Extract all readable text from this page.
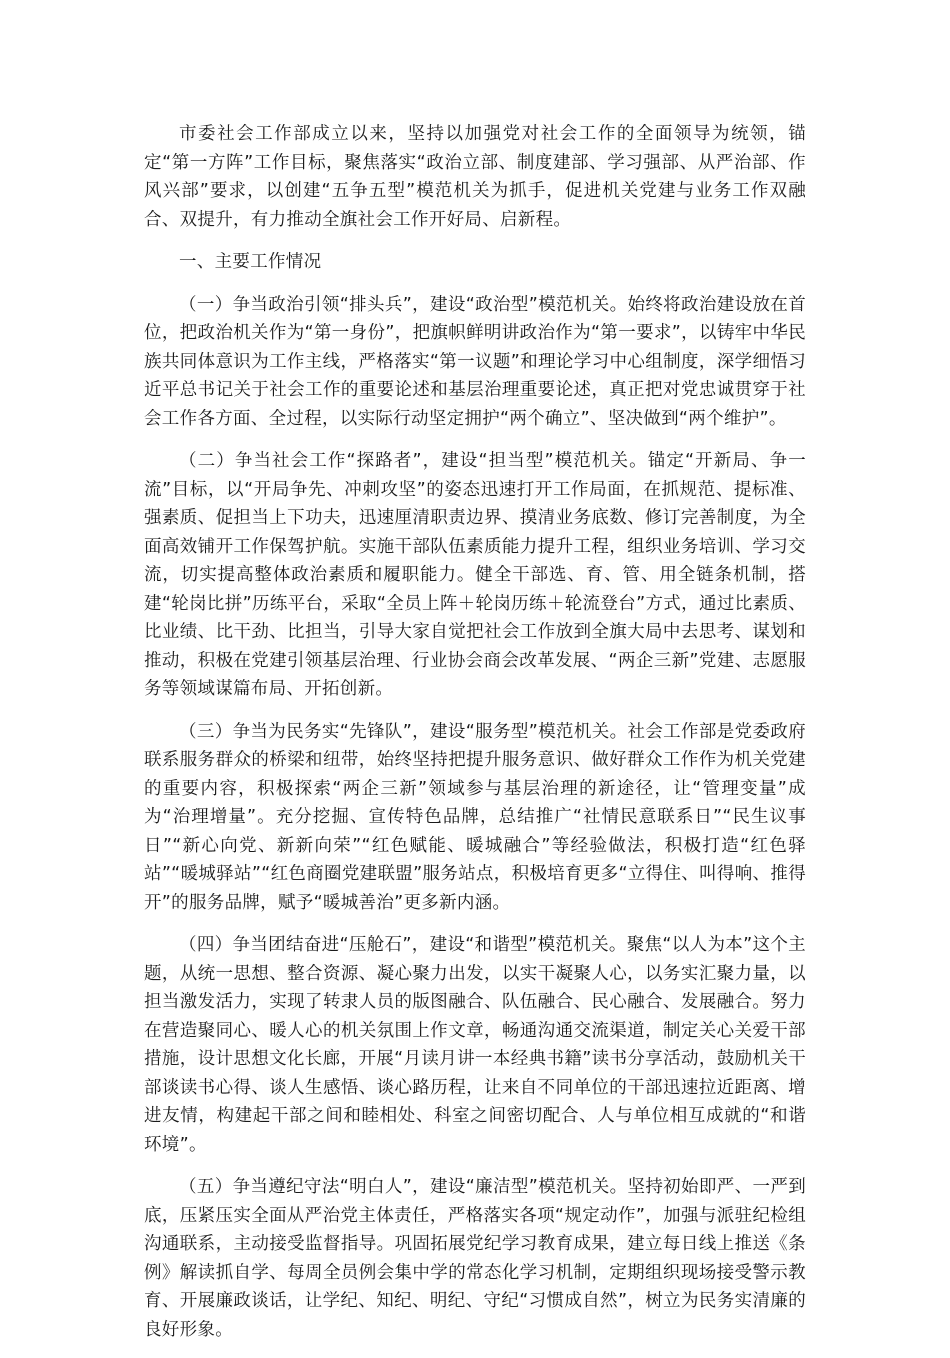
市委社会工作部成立以来，坚持以加强党对社会工作的全面领导为统领，锚定“第一方阵”工作目标，聚焦落实“政治立部、制度建部、学习强部、从严治部、作风兴部”要求，以创建“五争五型”模范机关为抓手，促进机关党建与业务工作双融合、双提升，有力推动全旗社会工作开好局、启新程。

一、主要工作情况

（一）争当政治引领“排头兵”，建设“政治型”模范机关。始终将政治建设放在首位，把政治机关作为“第一身份”，把旗帜鲜明讲政治作为“第一要求”，以铸牢中华民族共同体意识为工作主线，严格落实“第一议题”和理论学习中心组制度，深学细悟习近平总书记关于社会工作的重要论述和基层治理重要论述，真正把对党忠诚贯穿于社会工作各方面、全过程，以实际行动坚定拥护“两个确立”、坚决做到“两个维护”。

（二）争当社会工作“探路者”，建设“担当型”模范机关。锚定“开新局、争一流”目标，以“开局争先、冲刺攻坚”的姿态迅速打开工作局面，在抓规范、提标准、强素质、促担当上下功夫，迅速厘清职责边界、摸清业务底数、修订完善制度，为全面高效铺开工作保驾护航。实施干部队伍素质能力提升工程，组织业务培训、学习交流，切实提高整体政治素质和履职能力。健全干部选、育、管、用全链条机制，搭建“轮岗比拼”历练平台，采取“全员上阵＋轮岗历练＋轮流登台”方式，通过比素质、比业绩、比干劲、比担当，引导大家自觉把社会工作放到全旗大局中去思考、谋划和推动，积极在党建引领基层治理、行业协会商会改革发展、“两企三新”党建、志愿服务等领域谋篇布局、开拓创新。

（三）争当为民务实“先锋队”，建设“服务型”模范机关。社会工作部是党委政府联系服务群众的桥梁和纽带，始终坚持把提升服务意识、做好群众工作作为机关党建的重要内容，积极探索“两企三新”领域参与基层治理的新途径，让“管理变量”成为“治理增量”。充分挖掘、宣传特色品牌，总结推广“社情民意联系日”“民生议事日”“新心向党、新新向荣”“红色赋能、暖城融合”等经验做法，积极打造“红色驿站”“暖城驿站”“红色商圈党建联盟”服务站点，积极培育更多“立得住、叫得响、推得开”的服务品牌，赋予“暖城善治”更多新内涵。

（四）争当团结奋进“压舱石”，建设“和谐型”模范机关。聚焦“以人为本”这个主题，从统一思想、整合资源、凝心聚力出发，以实干凝聚人心，以务实汇聚力量，以担当激发活力，实现了转隶人员的版图融合、队伍融合、民心融合、发展融合。努力在营造聚同心、暖人心的机关氛围上作文章，畅通沟通交流渠道，制定关心关爱干部措施，设计思想文化长廊，开展“月读月讲一本经典书籍”读书分享活动，鼓励机关干部谈读书心得、谈人生感悟、谈心路历程，让来自不同单位的干部迅速拉近距离、增进友情，构建起干部之间和睦相处、科室之间密切配合、人与单位相互成就的“和谐环境”。

（五）争当遵纪守法“明白人”，建设“廉洁型”模范机关。坚持初始即严、一严到底，压紧压实全面从严治党主体责任，严格落实各项“规定动作”，加强与派驻纪检组沟通联系，主动接受监督指导。巩固拓展党纪学习教育成果，建立每日线上推送《条例》解读抓自学、每周全员例会集中学的常态化学习机制，定期组织现场接受警示教育、开展廉政谈话，让学纪、知纪、明纪、守纪“习惯成自然”，树立为民务实清廉的良好形象。
